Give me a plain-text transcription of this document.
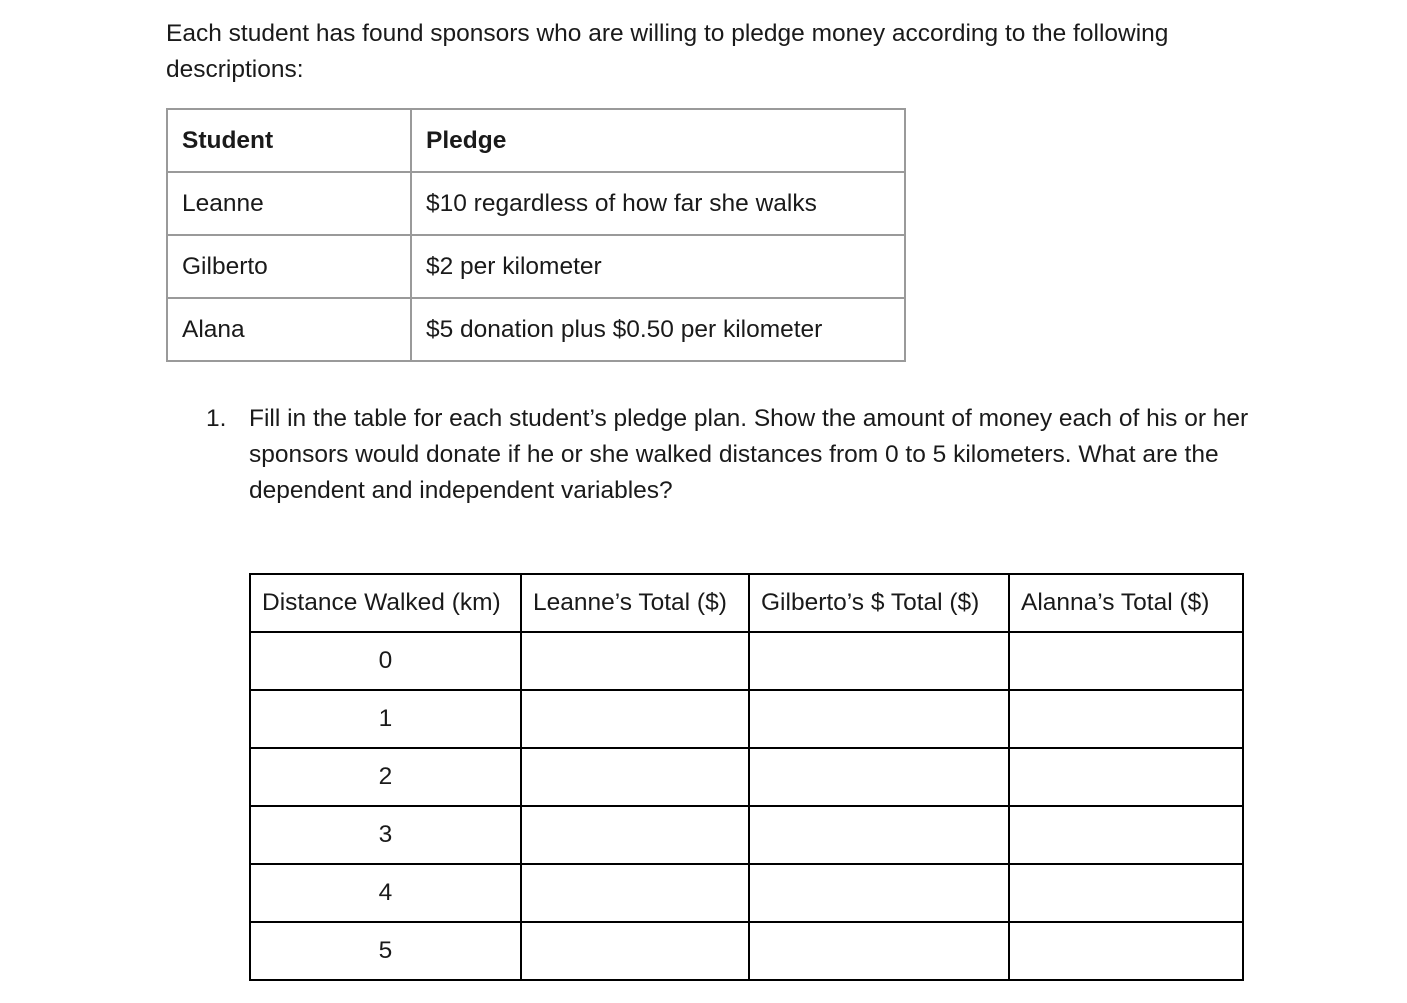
Each student has found sponsors who are willing to pledge money according to the following descriptions:

Student	Pledge
Leanne	$10 regardless of how far she walks
Gilberto	$2 per kilometer
Alana	$5 donation plus $0.50 per kilometer
1. Fill in the table for each student’s pledge plan. Show the amount of money each of his or her sponsors would donate if he or she walked distances from 0 to 5 kilometers. What are the dependent and independent variables?
Distance Walked (km)	Leanne’s Total ($)	Gilberto’s $ Total ($)	Alanna’s Total ($)
0			
1			
2			
3			
4			
5			
